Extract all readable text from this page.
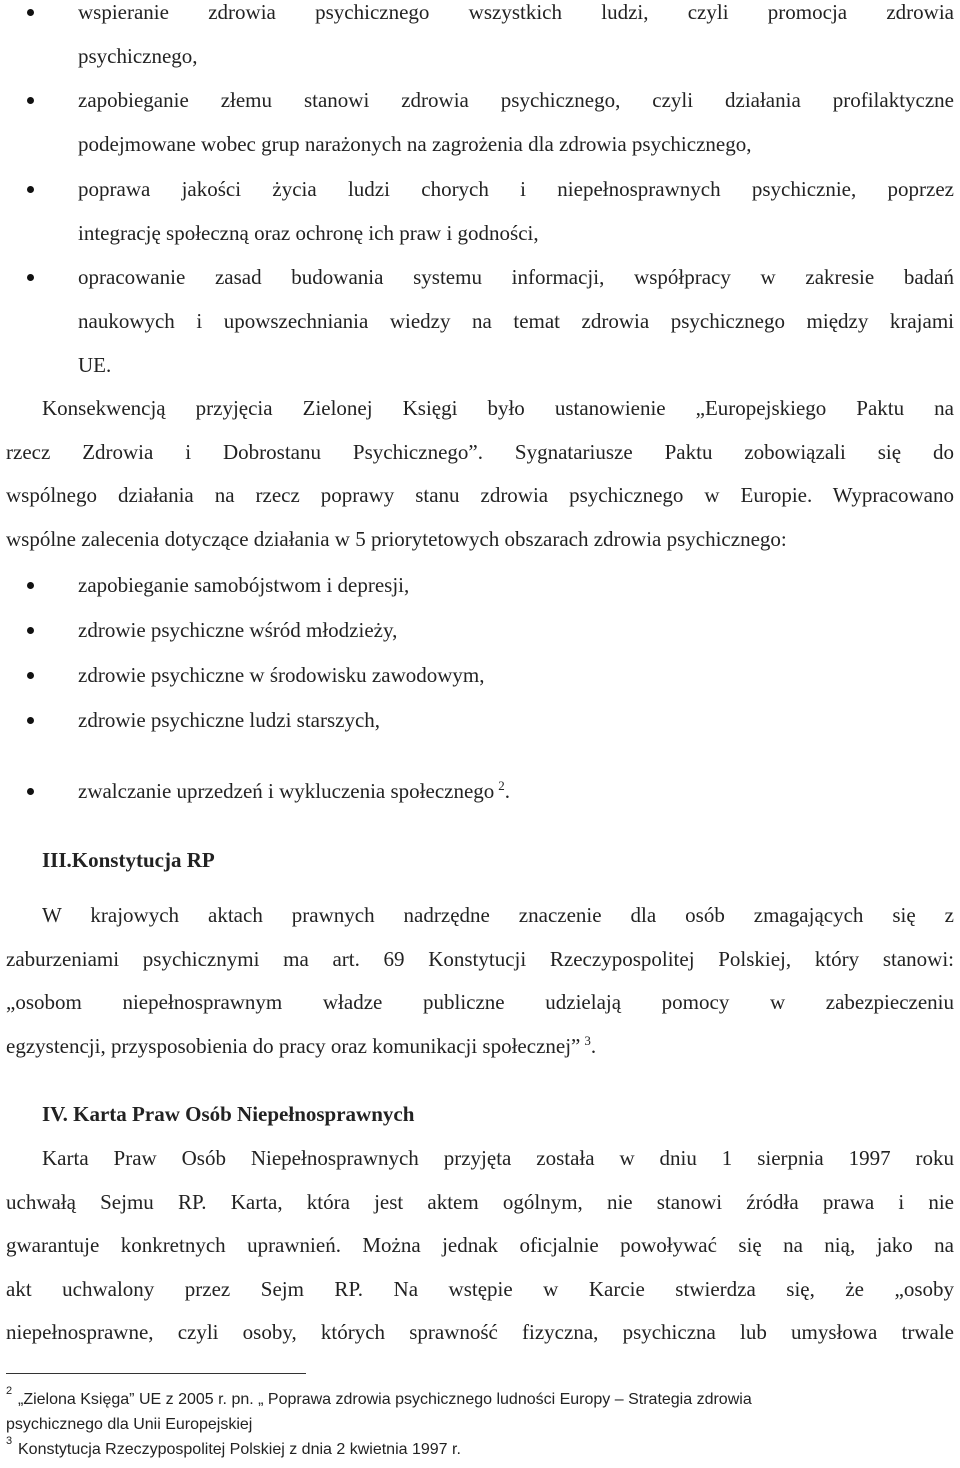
wspieranie zdrowia psychicznego wszystkich ludzi, czyli promocja zdrowia
psychicznego,
zapobieganie złemu stanowi zdrowia psychicznego, czyli działania profilaktyczne
podejmowane wobec grup narażonych na zagrożenia dla zdrowia psychicznego,
poprawa jakości życia ludzi chorych i niepełnosprawnych psychicznie, poprzez
integrację społeczną oraz ochronę ich praw i godności,
opracowanie zasad budowania systemu informacji, współpracy w zakresie badań
naukowych i upowszechniania wiedzy na temat zdrowia psychicznego między krajami
UE.
Konsekwencją przyjęcia Zielonej Księgi było ustanowienie „Europejskiego Paktu na
rzecz Zdrowia i Dobrostanu Psychicznego”. Sygnatariusze Paktu zobowiązali się do
wspólnego działania na rzecz poprawy stanu zdrowia psychicznego w Europie. Wypracowano
wspólne zalecenia dotyczące działania w 5 priorytetowych obszarach zdrowia psychicznego:
zapobieganie samobójstwom i depresji,
zdrowie psychiczne wśród młodzieży,
zdrowie psychiczne w środowisku zawodowym,
zdrowie psychiczne ludzi starszych,
zwalczanie uprzedzeń i wykluczenia społecznego $^2$.
III.Konstytucja RP
W krajowych aktach prawnych nadrzędne znaczenie dla osób zmagających się z
zaburzeniami psychicznymi ma art. 69 Konstytucji Rzeczypospolitej Polskiej, który stanowi:
„osobom niepełnosprawnym władze publiczne udzielają pomocy w zabezpieczeniu
egzystencji, przysposobienia do pracy oraz komunikacji społecznej” $^3$.
IV. Karta Praw Osób Niepełnosprawnych
Karta Praw Osób Niepełnosprawnych przyjęta została w dniu 1 sierpnia 1997 roku
uchwałą Sejmu RP. Karta, która jest aktem ogólnym, nie stanowi źródła prawa i nie
gwarantuje konkretnych uprawnień. Można jednak oficjalnie powoływać się na nią, jako na
akt uchwalony przez Sejm RP. Na wstępie w Karcie stwierdza się, że „osoby
niepełnosprawne, czyli osoby, których sprawność fizyczna, psychiczna lub umysłowa trwale
2 „Zielona Księga” UE z 2005 r. pn. „ Poprawa zdrowia psychicznego ludności Europy – Strategia zdrowia
psychicznego dla Unii Europejskiej
3 Konstytucja Rzeczypospolitej Polskiej z dnia 2 kwietnia 1997 r.
